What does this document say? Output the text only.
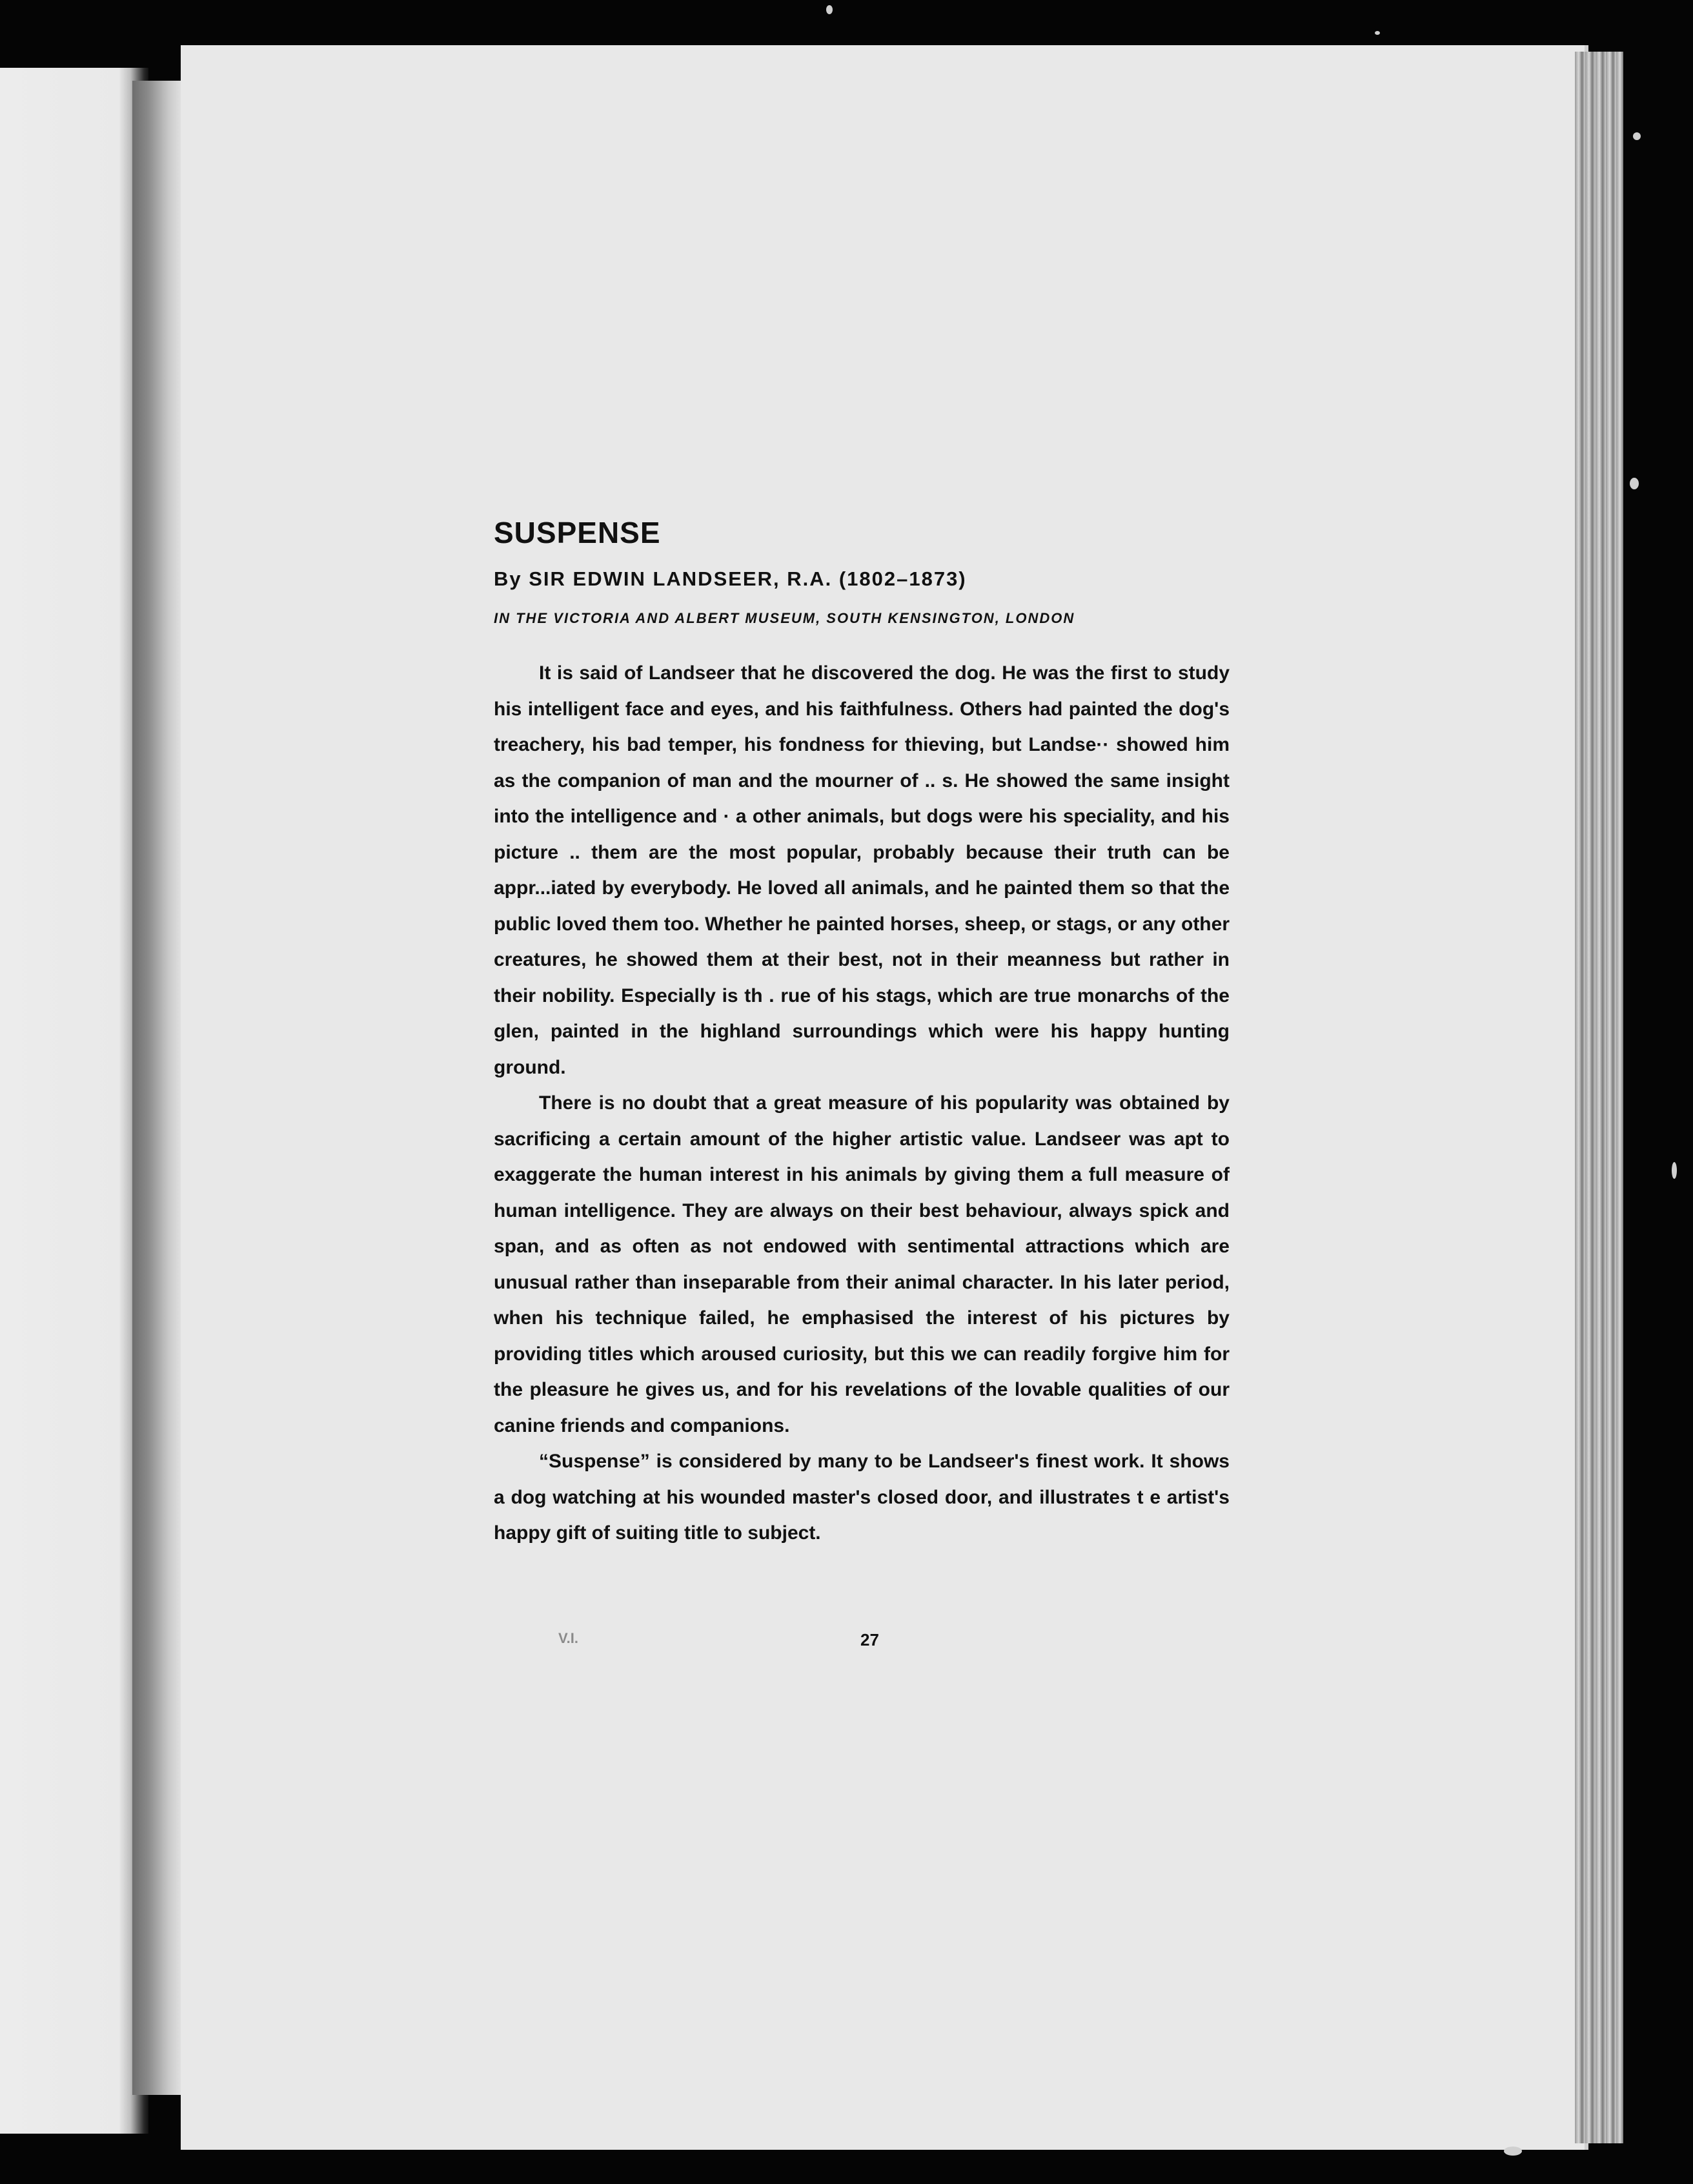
SUSPENSE
By SIR EDWIN LANDSEER, R.A. (1802–1873)
IN THE VICTORIA AND ALBERT MUSEUM, SOUTH KENSINGTON, LONDON

It is said of Landseer that he discovered the dog. He was the first to study his intelligent face and eyes, and his faithfulness. Others had painted the dog's treachery, his bad temper, his fondness for thieving, but Landse·· showed him as the companion of man and the mourner of .. s. He showed the same insight into the intelligence and · a other animals, but dogs were his speciality, and his picture .. them are the most popular, probably because their truth can be appr...iated by everybody. He loved all animals, and he painted them so that the public loved them too. Whether he painted horses, sheep, or stags, or any other creatures, he showed them at their best, not in their meanness but rather in their nobility. Especially is th . rue of his stags, which are true monarchs of the glen, painted in the highland surroundings which were his happy hunting ground.

There is no doubt that a great measure of his popularity was obtained by sacrificing a certain amount of the higher artistic value. Landseer was apt to exaggerate the human interest in his animals by giving them a full measure of human intelligence. They are always on their best behaviour, always spick and span, and as often as not endowed with sentimental attractions which are unusual rather than inseparable from their animal character. In his later period, when his technique failed, he emphasised the interest of his pictures by providing titles which aroused curiosity, but this we can readily forgive him for the pleasure he gives us, and for his revelations of the lovable qualities of our canine friends and companions.

“Suspense” is considered by many to be Landseer's finest work. It shows a dog watching at his wounded master's closed door, and illustrates t e artist's happy gift of suiting title to subject.

V.I.	27
